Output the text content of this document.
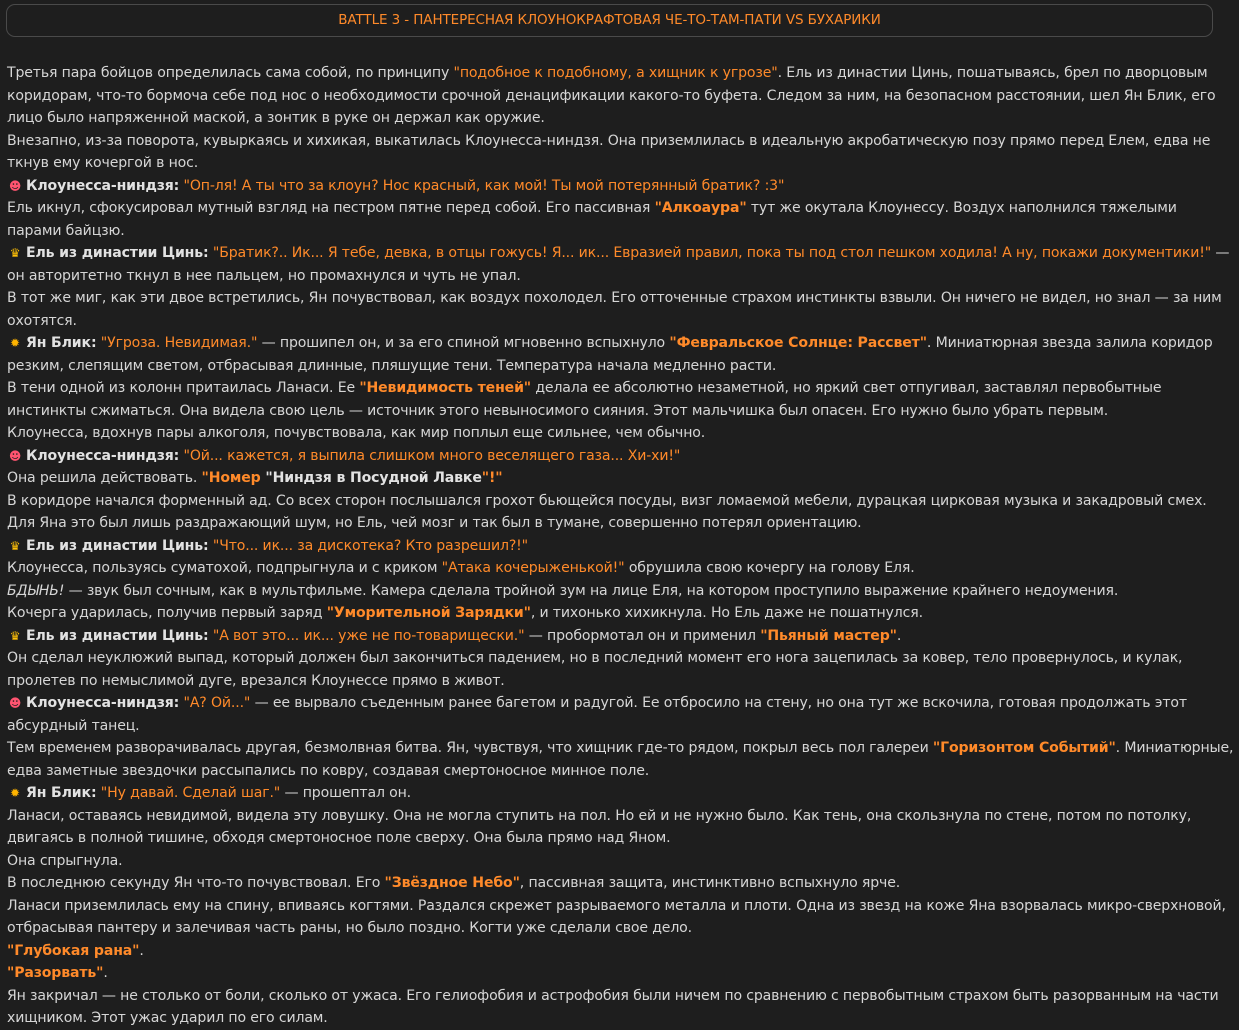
BATTLE 3 - ПАНТЕРЕСНАЯ КЛОУНОКРАФТОВАЯ ЧЕ-ТО-ТАМ-ПАТИ VS БУХАРИКИ

Третья пара бойцов определилась сама собой, по принципу "подобное к подобному, а хищник к угрозе". Ель из династии Цинь, пошатываясь, брел по дворцовым коридорам, что-то бормоча себе под нос о необходимости срочной денацификации какого-то буфета. Следом за ним, на безопасном расстоянии, шел Ян Блик, его лицо было напряженной маской, а зонтик в руке он держал как оружие.

Внезапно, из-за поворота, кувыркаясь и хихикая, выкатилась Клоунесса-ниндзя. Она приземлилась в идеальную акробатическую позу прямо перед Елем, едва не ткнув ему кочергой в нос.

☻ Клоунесса-ниндзя: "Оп-ля! А ты что за клоун? Нос красный, как мой! Ты мой потерянный братик? :3"

Ель икнул, сфокусировал мутный взгляд на пестром пятне перед собой. Его пассивная "Алкоаура" тут же окутала Клоунессу. Воздух наполнился тяжелыми парами байцзю.

♛ Ель из династии Цинь: "Братик?.. Ик... Я тебе, девка, в отцы гожусь! Я... ик... Евразией правил, пока ты под стол пешком ходила! А ну, покажи документики!" — он авторитетно ткнул в нее пальцем, но промахнулся и чуть не упал.

В тот же миг, как эти двое встретились, Ян почувствовал, как воздух похолодел. Его отточенные страхом инстинкты взвыли. Он ничего не видел, но знал — за ним охотятся.

✹ Ян Блик: "Угроза. Невидимая." — прошипел он, и за его спиной мгновенно вспыхнуло "Февральское Солнце: Рассвет". Миниатюрная звезда залила коридор резким, слепящим светом, отбрасывая длинные, пляшущие тени. Температура начала медленно расти.

В тени одной из колонн притаилась Ланаси. Ее "Невидимость теней" делала ее абсолютно незаметной, но яркий свет отпугивал, заставлял первобытные инстинкты сжиматься. Она видела свою цель — источник этого невыносимого сияния. Этот мальчишка был опасен. Его нужно было убрать первым.

Клоунесса, вдохнув пары алкоголя, почувствовала, как мир поплыл еще сильнее, чем обычно.

☻ Клоунесса-ниндзя: "Ой... кажется, я выпила слишком много веселящего газа... Хи-хи!"

Она решила действовать. "Номер "Ниндзя в Посудной Лавке"!"

В коридоре начался форменный ад. Со всех сторон послышался грохот бьющейся посуды, визг ломаемой мебели, дурацкая цирковая музыка и закадровый смех. Для Яна это был лишь раздражающий шум, но Ель, чей мозг и так был в тумане, совершенно потерял ориентацию.

♛ Ель из династии Цинь: "Что... ик... за дискотека? Кто разрешил?!"

Клоунесса, пользуясь суматохой, подпрыгнула и с криком "Атака кочерыженькой!" обрушила свою кочергу на голову Еля.

БДЫНЬ! — звук был сочным, как в мультфильме. Камера сделала тройной зум на лице Еля, на котором проступило выражение крайнего недоумения.

Кочерга ударилась, получив первый заряд "Уморительной Зарядки", и тихонько хихикнула. Но Ель даже не пошатнулся.

♛ Ель из династии Цинь: "А вот это... ик... уже не по-товарищески." — пробормотал он и применил "Пьяный мастер".

Он сделал неуклюжий выпад, который должен был закончиться падением, но в последний момент его нога зацепилась за ковер, тело провернулось, и кулак, пролетев по немыслимой дуге, врезался Клоунессе прямо в живот.

☻ Клоунесса-ниндзя: "А? Ой..." — ее вырвало съеденным ранее багетом и радугой. Ее отбросило на стену, но она тут же вскочила, готовая продолжать этот абсурдный танец.

Тем временем разворачивалась другая, безмолвная битва. Ян, чувствуя, что хищник где-то рядом, покрыл весь пол галереи "Горизонтом Событий". Миниатюрные, едва заметные звездочки рассыпались по ковру, создавая смертоносное минное поле.

✹ Ян Блик: "Ну давай. Сделай шаг." — прошептал он.

Ланаси, оставаясь невидимой, видела эту ловушку. Она не могла ступить на пол. Но ей и не нужно было. Как тень, она скользнула по стене, потом по потолку, двигаясь в полной тишине, обходя смертоносное поле сверху. Она была прямо над Яном.

Она спрыгнула.

В последнюю секунду Ян что-то почувствовал. Его "Звёздное Небо", пассивная защита, инстинктивно вспыхнуло ярче.

Ланаси приземлилась ему на спину, впиваясь когтями. Раздался скрежет разрываемого металла и плоти. Одна из звезд на коже Яна взорвалась микро-сверхновой, отбрасывая пантеру и залечивая часть раны, но было поздно. Когти уже сделали свое дело.

"Глубокая рана".

"Разорвать".

Ян закричал — не столько от боли, сколько от ужаса. Его гелиофобия и астрофобия были ничем по сравнению с первобытным страхом быть разорванным на части хищником. Этот ужас ударил по его силам.
